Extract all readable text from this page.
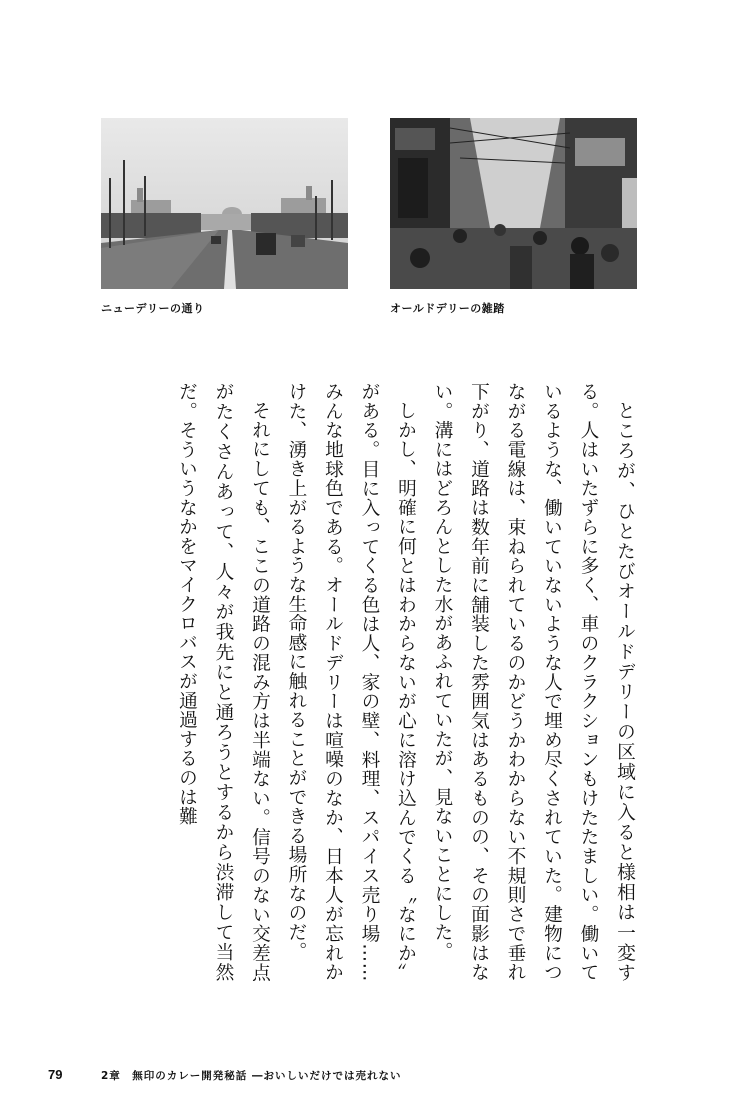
ニューデリーの通り	オールドデリーの雑踏

ところが、ひとたびオールドデリーの区域に入ると様相は一変する。人はいたずらに多く、車のクラクションもけたたましい。働いているような、働いていないような人で埋め尽くされていた。建物につながる電線は、束ねられているのかどうかわからない不規則さで垂れ下がり、道路は数年前に舗装した雰囲気はあるものの、その面影はない。溝にはどろんとした水があふれていたが、見ないことにした。

しかし、明確に何とはわからないが心に溶け込んでくる〝なにか〟がある。目に入ってくる色は人、家の壁、料理、スパイス売り場……みんな地球色である。オールドデリーは喧噪のなか、日本人が忘れかけた、湧き上がるような生命感に触れることができる場所なのだ。

それにしても、ここの道路の混み方は半端ない。信号のない交差点がたくさんあって、人々が我先にと通ろうとするから渋滞して当然だ。そういうなかをマイクロバスが通過するのは難

79	2章　無印のカレー開発秘話 ―おいしいだけでは売れない
